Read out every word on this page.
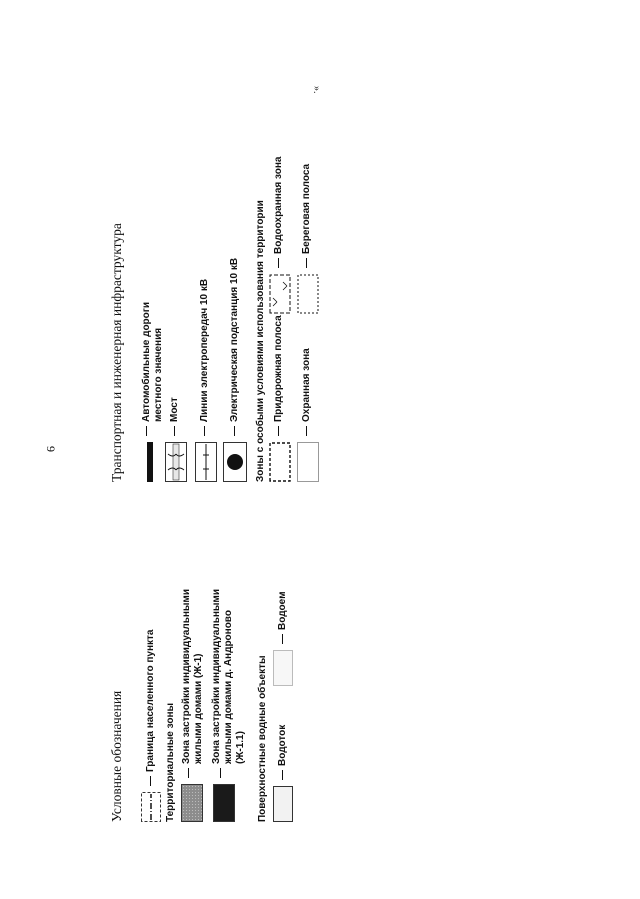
9
».
Условные обозначения —
Граница населенного пункта Территориальные зоны —
Зона застройки индивидуальными жилыми домами (Ж-1)
—
Зона застройки индивидуальными жилыми домами д. Андроново (Ж-1.1) Поверхностные водные объекты —
Водоток
—
Водоем
Транспортная и инженерная инфраструктура —
Автомобильные дороги местного значения
—
Мост
—
Линии электропередач 10 кВ
—
Электрическая подстанция 10 кВ Зоны с особыми условиями использования территории —
Придорожная полоса
—
Водоохранная зона
—
Охранная зона
—
Береговая полоса
